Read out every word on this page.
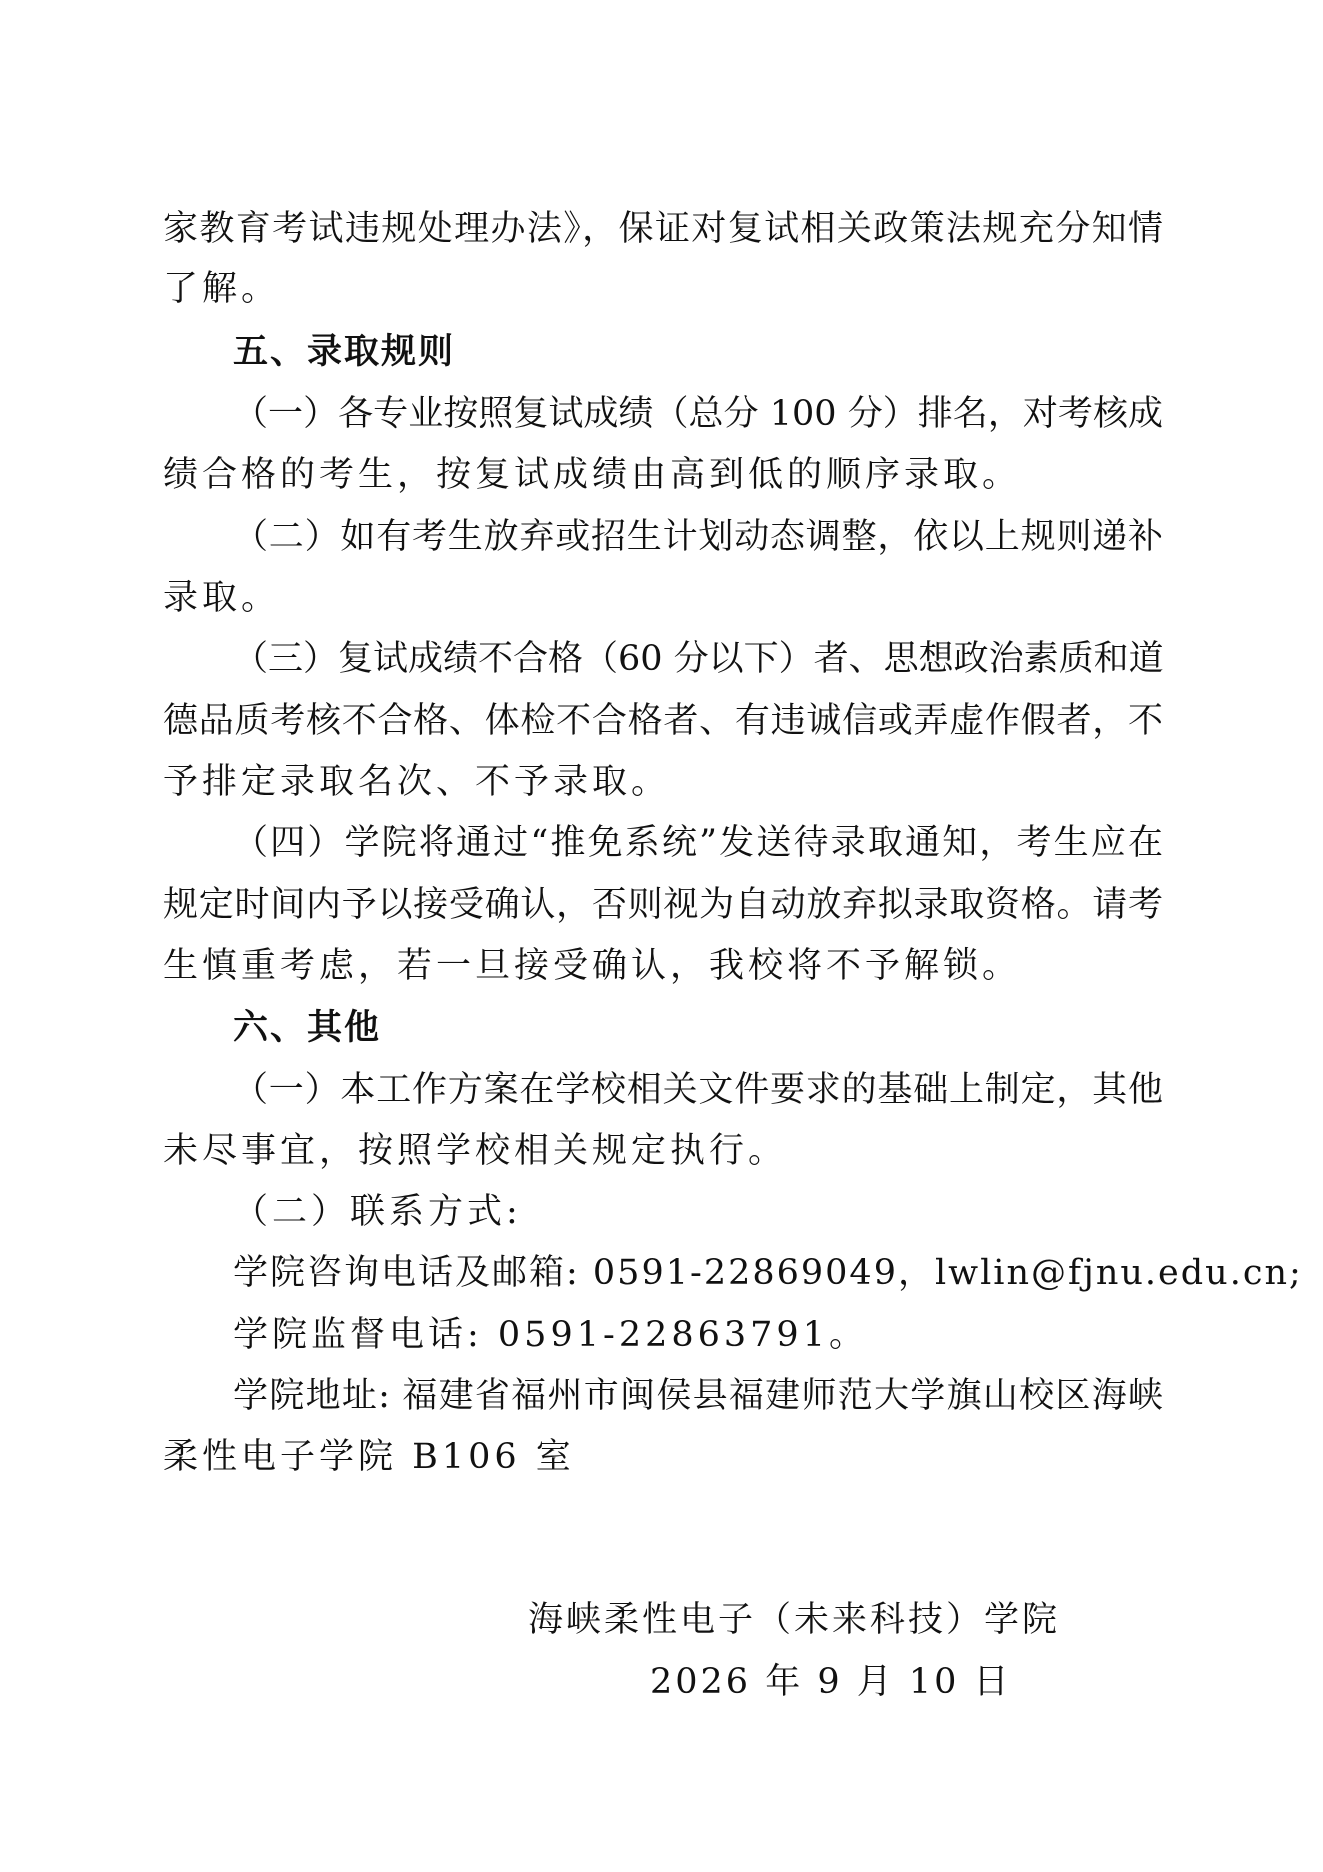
家教育考试违规处理办法》，保证对复试相关政策法规充分知情
了解。
五、录取规则
（一）各专业按照复试成绩（总分 100 分）排名，对考核成
绩合格的考生，按复试成绩由高到低的顺序录取。
（二）如有考生放弃或招生计划动态调整，依以上规则递补
录取。
（三）复试成绩不合格（60 分以下）者、思想政治素质和道
德品质考核不合格、体检不合格者、有违诚信或弄虚作假者，不
予排定录取名次、不予录取。
（四）学院将通过“推免系统”发送待录取通知，考生应在
规定时间内予以接受确认，否则视为自动放弃拟录取资格。请考
生慎重考虑，若一旦接受确认，我校将不予解锁。
六、其他
（一）本工作方案在学校相关文件要求的基础上制定，其他
未尽事宜，按照学校相关规定执行。
（二）联系方式:
学院咨询电话及邮箱: 0591-22869049，lwlin@fjnu.edu.cn;
学院监督电话: 0591-22863791。
学院地址: 福建省福州市闽侯县福建师范大学旗山校区海峡
柔性电子学院 B106 室
海峡柔性电子（未来科技）学院
2026 年 9 月 10 日
